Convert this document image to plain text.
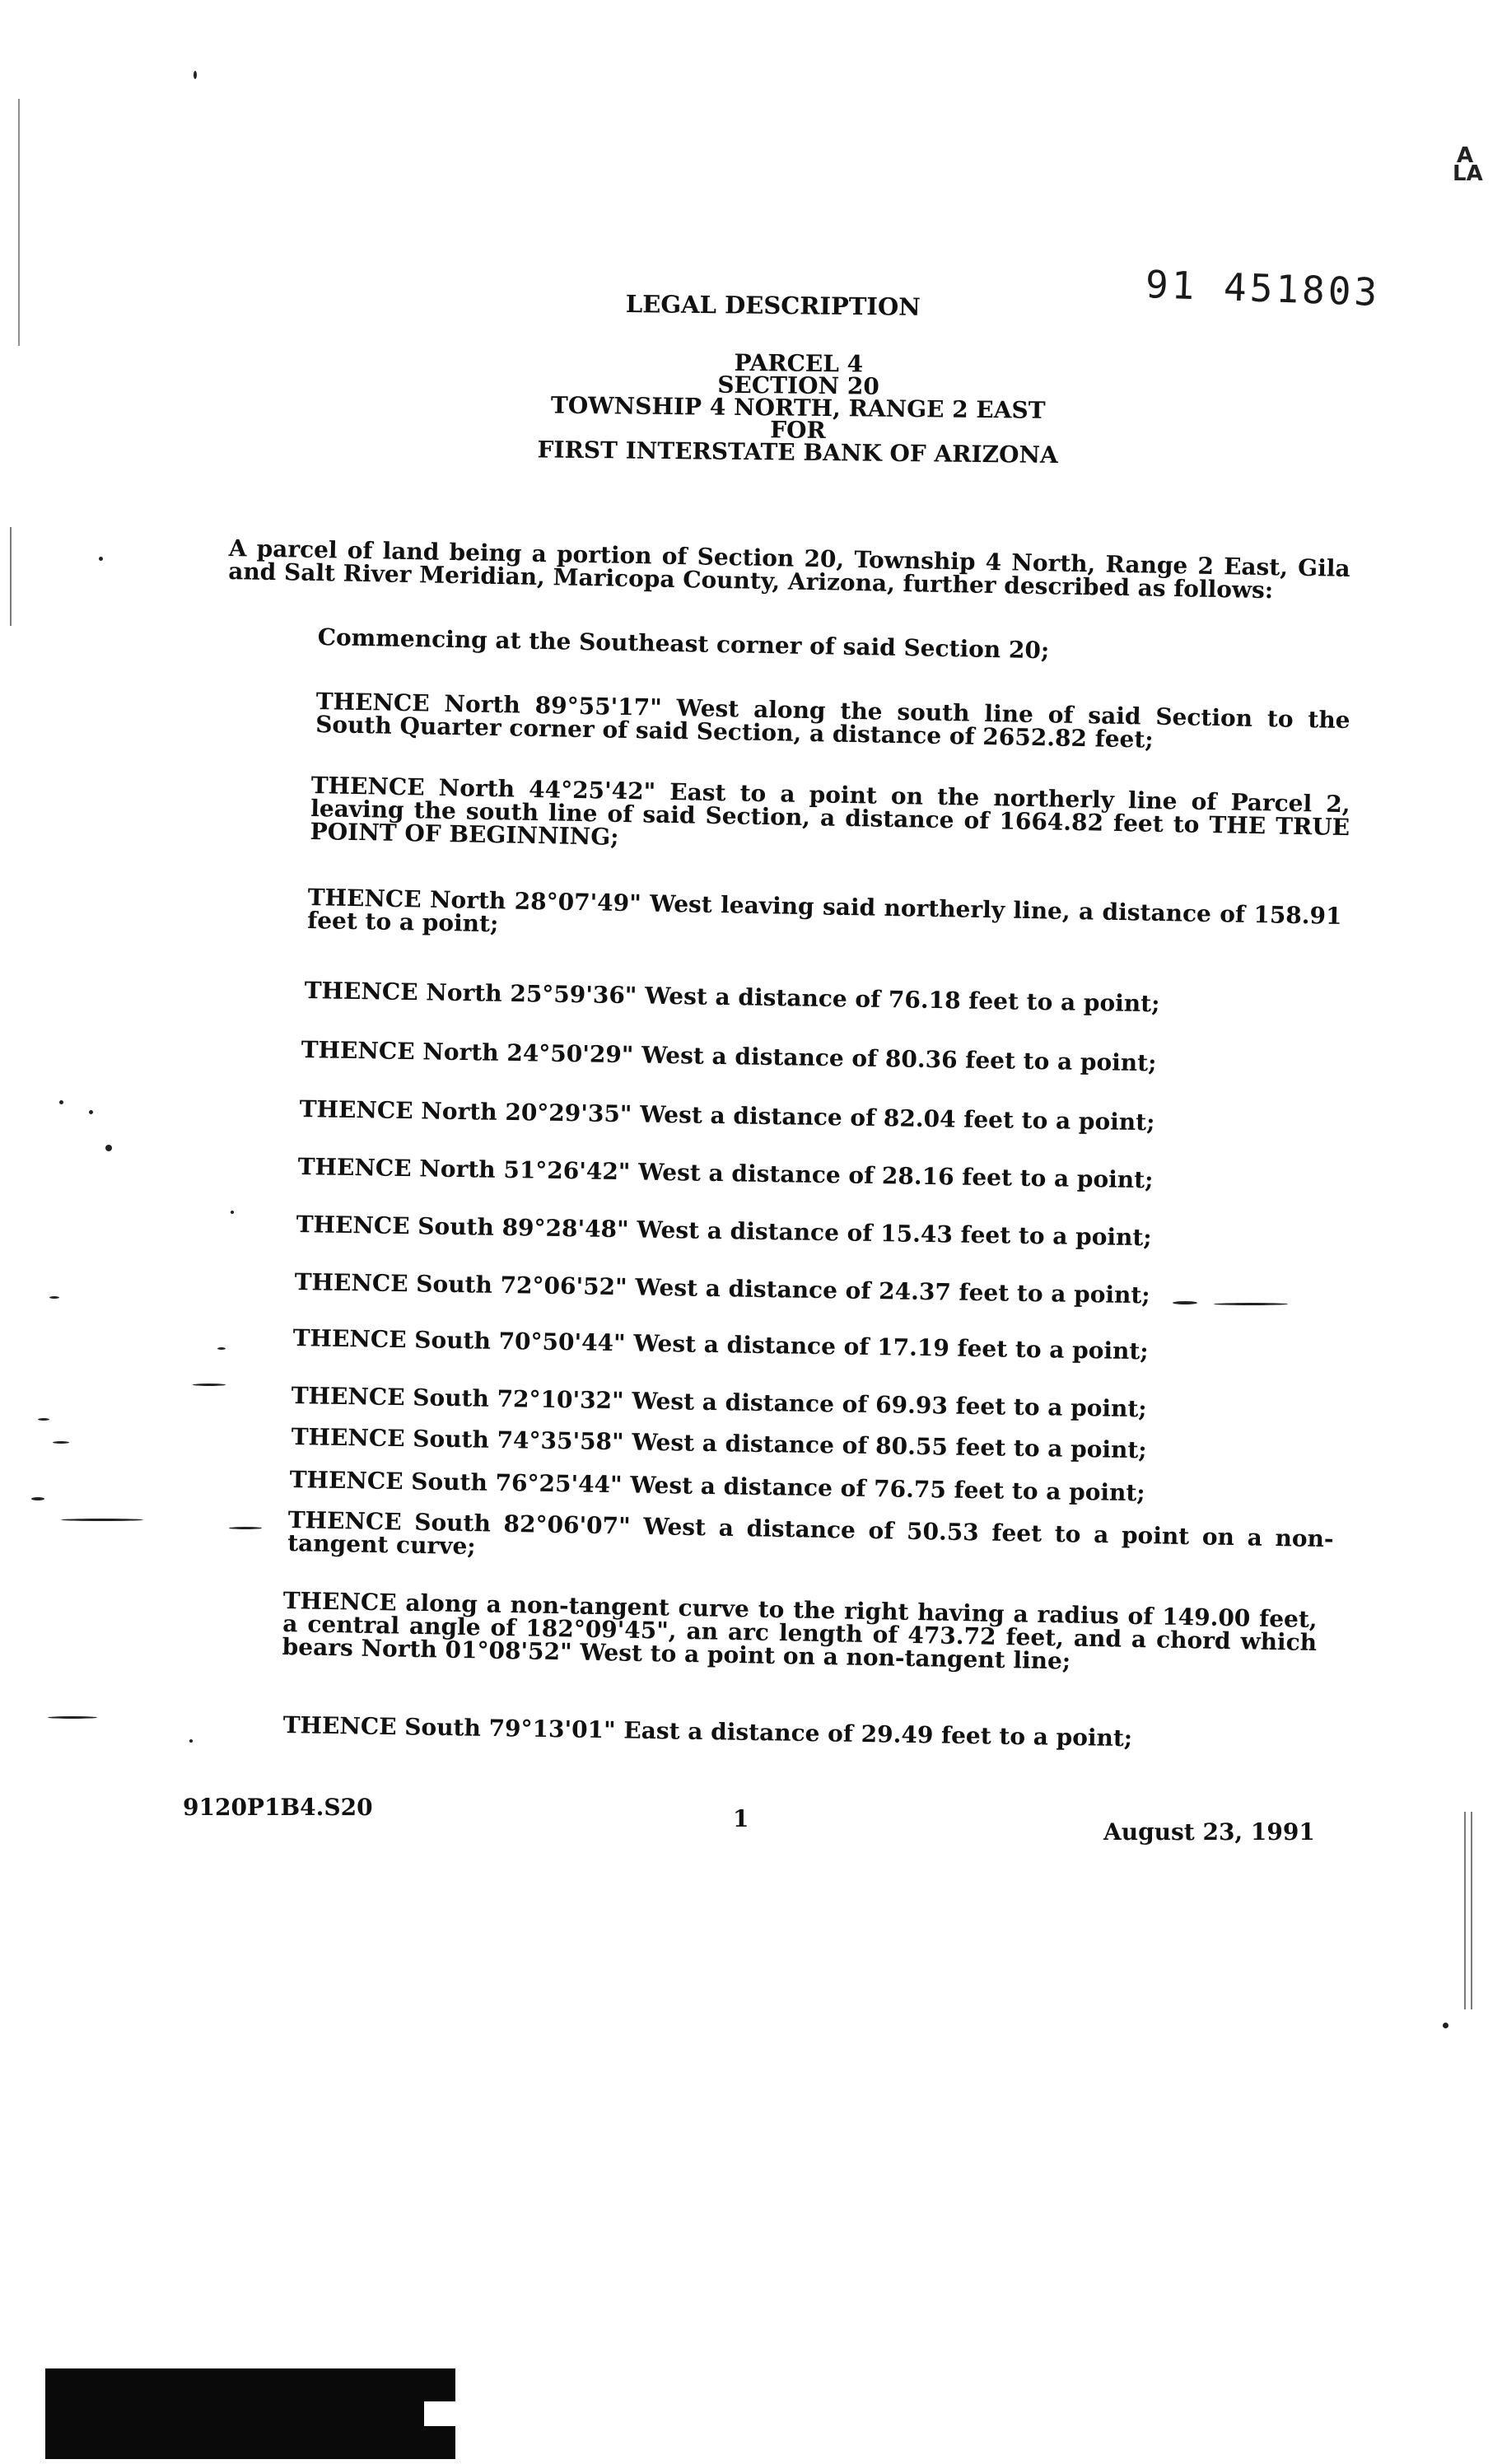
91 451803
A
LA
LEGAL DESCRIPTION
PARCEL 4
SECTION 20
TOWNSHIP 4 NORTH, RANGE 2 EAST
FOR
FIRST INTERSTATE BANK OF ARIZONA
A parcel of land being a portion of Section 20, Township 4 North, Range 2 East, Gila and Salt River Meridian, Maricopa County, Arizona, further described as follows:
Commencing at the Southeast corner of said Section 20;
THENCE North 89°55'17" West along the south line of said Section to the South Quarter corner of said Section, a distance of 2652.82 feet;
THENCE North 44°25'42" East to a point on the northerly line of Parcel 2, leaving the south line of said Section, a distance of 1664.82 feet to THE TRUE POINT OF BEGINNING;
THENCE North 28°07'49" West leaving said northerly line, a distance of 158.91 feet to a point;
THENCE North 25°59'36" West a distance of 76.18 feet to a point;
THENCE North 24°50'29" West a distance of 80.36 feet to a point;
THENCE North 20°29'35" West a distance of 82.04 feet to a point;
THENCE North 51°26'42" West a distance of 28.16 feet to a point;
THENCE South 89°28'48" West a distance of 15.43 feet to a point;
THENCE South 72°06'52" West a distance of 24.37 feet to a point;
THENCE South 70°50'44" West a distance of 17.19 feet to a point;
THENCE South 72°10'32" West a distance of 69.93 feet to a point;
THENCE South 74°35'58" West a distance of 80.55 feet to a point;
THENCE South 76°25'44" West a distance of 76.75 feet to a point;
THENCE South 82°06'07" West a distance of 50.53 feet to a point on a non-tangent curve;
THENCE along a non-tangent curve to the right having a radius of 149.00 feet, a central angle of 182°09'45", an arc length of 473.72 feet, and a chord which bears North 01°08'52" West to a point on a non-tangent line;
THENCE South 79°13'01" East a distance of 29.49 feet to a point;
9120P1B4.S20	1	August 23, 1991
